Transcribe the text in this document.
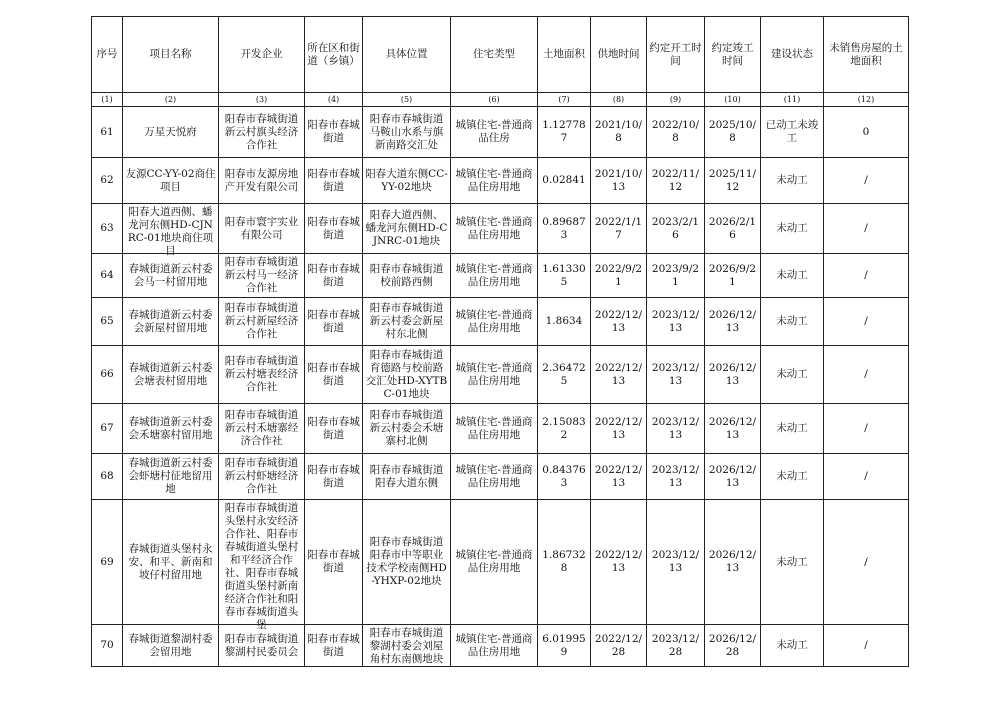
序号	项目名称	开发企业	所在区和街道（乡镇）	具体位置	住宅类型	土地面积	供地时间	约定开工时间	约定竣工时间	建设状态	未销售房屋的土地面积

(1)	(2)	(3)	(4)	(5)	(6)	(7)	(8)	(9)	(10)	(11)	(12)

61	万星天悦府	阳春市春城街道新云村旗头经济合作社	阳春市春城街道	阳春市春城街道马鞍山水系与旗新南路交汇处	城镇住宅-普通商品住房	1.127787	2021/10/8	2022/10/8	2025/10/8	已动工未竣工	0

62	友源CC-YY-02商住项目	阳春市友源房地产开发有限公司	阳春市春城街道	阳春大道东侧CC-YY-02地块	城镇住宅-普通商品住房用地	0.02841	2021/10/13	2022/11/12	2025/11/12	未动工	/

63	阳春大道西侧、蟠龙河东侧HD-CJNRC-01地块商住项目	阳春市寰宇实业有限公司	阳春市春城街道	阳春大道西侧、蟠龙河东侧HD-CJNRC-01地块	城镇住宅-普通商品住房用地	0.896873	2022/1/17	2023/2/16	2026/2/16	未动工	/

64	春城街道新云村委会马一村留用地	阳春市春城街道新云村马一经济合作社	阳春市春城街道	阳春市春城街道校前路西侧	城镇住宅-普通商品住房用地	1.613305	2022/9/21	2023/9/21	2026/9/21	未动工	/

65	春城街道新云村委会新屋村留用地	阳春市春城街道新云村新屋经济合作社	阳春市春城街道	阳春市春城街道新云村委会新屋村东北侧	城镇住宅-普通商品住房用地	1.8634	2022/12/13	2023/12/13	2026/12/13	未动工	/

66	春城街道新云村委会塘表村留用地	阳春市春城街道新云村塘表经济合作社	阳春市春城街道	阳春市春城街道育德路与校前路交汇处HD-XYTBC-01地块	城镇住宅-普通商品住房用地	2.364725	2022/12/13	2023/12/13	2026/12/13	未动工	/

67	春城街道新云村委会禾塘寨村留用地	阳春市春城街道新云村禾塘寨经济合作社	阳春市春城街道	阳春市春城街道新云村委会禾塘寨村北侧	城镇住宅-普通商品住房用地	2.150832	2022/12/13	2023/12/13	2026/12/13	未动工	/

68	春城街道新云村委会虾塘村征地留用地	阳春市春城街道新云村虾塘经济合作社	阳春市春城街道	阳春市春城街道阳春大道东侧	城镇住宅-普通商品住房用地	0.843763	2022/12/13	2023/12/13	2026/12/13	未动工	/

69	春城街道头堡村永安、和平、新南和坡仔村留用地	阳春市春城街道头堡村永安经济合作社、阳春市春城街道头堡村和平经济合作社、阳春市春城街道头堡村新南经济合作社和阳春市春城街道头堡	阳春市春城街道	阳春市春城街道阳春市中等职业技术学校南侧HD-YHXP-02地块	城镇住宅-普通商品住房用地	1.867328	2022/12/13	2023/12/13	2026/12/13	未动工	/

70	春城街道黎湖村委会留用地	阳春市春城街道黎湖村民委员会	阳春市春城街道	阳春市春城街道黎湖村委会刘屋角村东南侧地块	城镇住宅-普通商品住房用地	6.019959	2022/12/28	2023/12/28	2026/12/28	未动工	/
